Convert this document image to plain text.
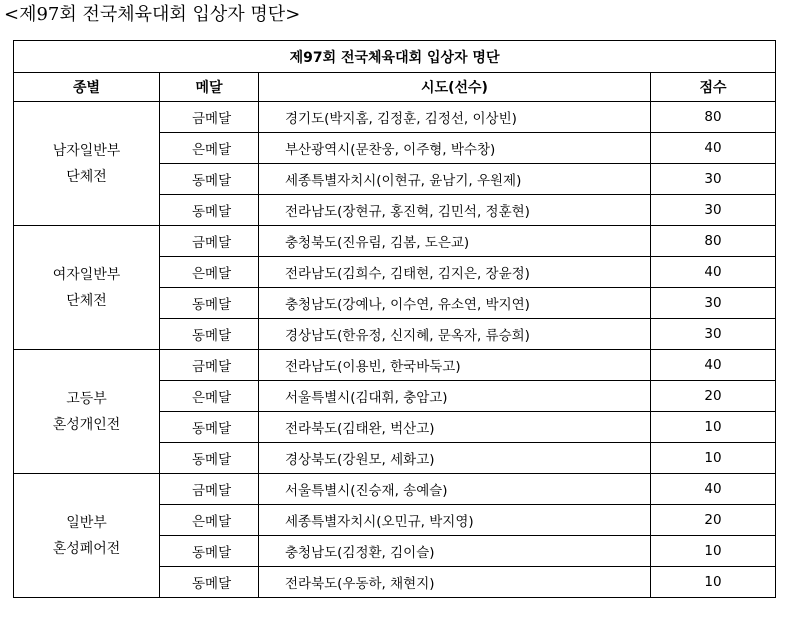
<제97회 전국체육대회 입상자 명단>
제97회 전국체육대회 입상자 명단			
종별	메달	시도(선수)	점수

남자일반부
단체전	금메달	경기도(박지홈, 김정훈, 김정선, 이상빈)	80
	은메달	부산광역시(문찬웅, 이주형, 박수창)	40
	동메달	세종특별자치시(이현규, 윤남기, 우원제)	30
	동메달	전라남도(장현규, 홍진혁, 김민석, 정훈현)	30

여자일반부
단체전	금메달	충청북도(진유림, 김봄, 도은교)	80
	은메달	전라남도(김희수, 김태현, 김지은, 장윤정)	40
	동메달	충청남도(강예나, 이수연, 유소연, 박지연)	30
	동메달	경상남도(한유정, 신지혜, 문옥자, 류승희)	30

고등부
혼성개인전	금메달	전라남도(이용빈, 한국바둑고)	40
	은메달	서울특별시(김대휘, 충암고)	20
	동메달	전라북도(김태완, 벅산고)	10
	동메달	경상북도(강원모, 세화고)	10

일반부
혼성페어전	금메달	서울특별시(진승재, 송예슬)	40
	은메달	세종특별자치시(오민규, 박지영)	20
	동메달	충청남도(김정환, 김이슬)	10
	동메달	전라북도(우동하, 채현지)	10
